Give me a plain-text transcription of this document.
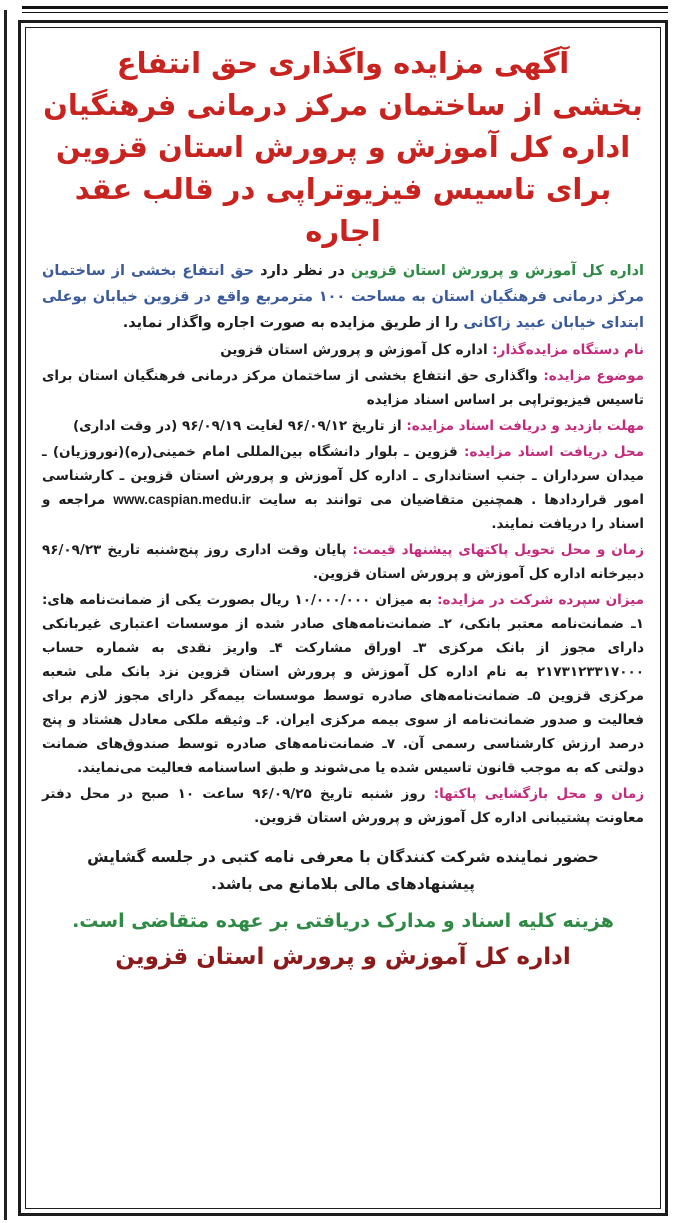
آگهی مزایده واگذاری حق انتفاع
بخشی از ساختمان مرکز درمانی فرهنگیان
اداره کل آموزش و پرورش استان قزوین
برای تاسیس فیزیوتراپی در قالب عقد اجاره
اداره کل آموزش و پرورش استان قزوین در نظر دارد حق انتفاع بخشی از ساختمان مرکز درمانی فرهنگیان استان به مساحت ۱۰۰ مترمربع واقع در قزوین خیابان بوعلی ابتدای خیابان عبید زاکانی را از طریق مزایده به صورت اجاره واگذار نماید.
نام دستگاه مزایده‌گذار: اداره کل آموزش و پرورش استان قزوین
موضوع مزایده: واگذاری حق انتفاع بخشی از ساختمان مرکز درمانی فرهنگیان استان برای تاسیس فیزیوتراپی بر اساس اسناد مزایده
مهلت بازدید و دریافت اسناد مزایده: از تاریخ ۹۶/۰۹/۱۲ لغایت ۹۶/۰۹/۱۹ (در وقت اداری)
محل دریافت اسناد مزایده: قزوین ـ بلوار دانشگاه بین‌المللی امام خمینی(ره)(نوروزیان) ـ میدان سرداران ـ جنب استانداری ـ اداره کل آموزش و پرورش استان قزوین ـ کارشناسی امور قراردادها . همچنین متقاضیان می توانند به سایت www.caspian.medu.ir مراجعه و اسناد را دریافت نمایند.
زمان و محل تحویل پاکتهای پیشنهاد قیمت: پایان وقت اداری روز پنج‌شنبه تاریخ ۹۶/۰۹/۲۳ دبیرخانه اداره کل آموزش و پرورش استان قزوین.
میزان سپرده شرکت در مزایده: به میزان ۱۰/۰۰۰/۰۰۰ ریال بصورت یکی از ضمانت‌نامه های: ۱ـ ضمانت‌نامه معتبر بانکی، ۲ـ ضمانت‌نامه‌های صادر شده از موسسات اعتباری غیربانکی دارای مجوز از بانک مرکزی ۳ـ اوراق مشارکت ۴ـ واریز نقدی به شماره حساب ۲۱۷۳۱۲۳۳۱۷۰۰۰ به نام اداره کل آموزش و پرورش استان قزوین نزد بانک ملی شعبه مرکزی قزوین ۵ـ ضمانت‌نامه‌های صادره توسط موسسات بیمه‌گر دارای مجوز لازم برای فعالیت و صدور ضمانت‌نامه از سوی بیمه مرکزی ایران. ۶ـ وثیقه ملکی معادل هشتاد و پنج درصد ارزش کارشناسی رسمی آن. ۷ـ ضمانت‌نامه‌های صادره توسط صندوق‌های ضمانت دولتی که به موجب قانون تاسیس شده یا می‌شوند و طبق اساسنامه فعالیت می‌نمایند.
زمان و محل بازگشایی پاکتها: روز شنبه تاریخ ۹۶/۰۹/۲۵ ساعت ۱۰ صبح در محل دفتر معاونت پشتیبانی اداره کل آموزش و پرورش استان قزوین.
حضور نماینده شرکت کنندگان با معرفی نامه کتبی در جلسه گشایش پیشنهادهای مالی بلامانع می باشد.
هزینه کلیه اسناد و مدارک دریافتی بر عهده متقاضی است.
اداره کل آموزش و پرورش استان قزوین
